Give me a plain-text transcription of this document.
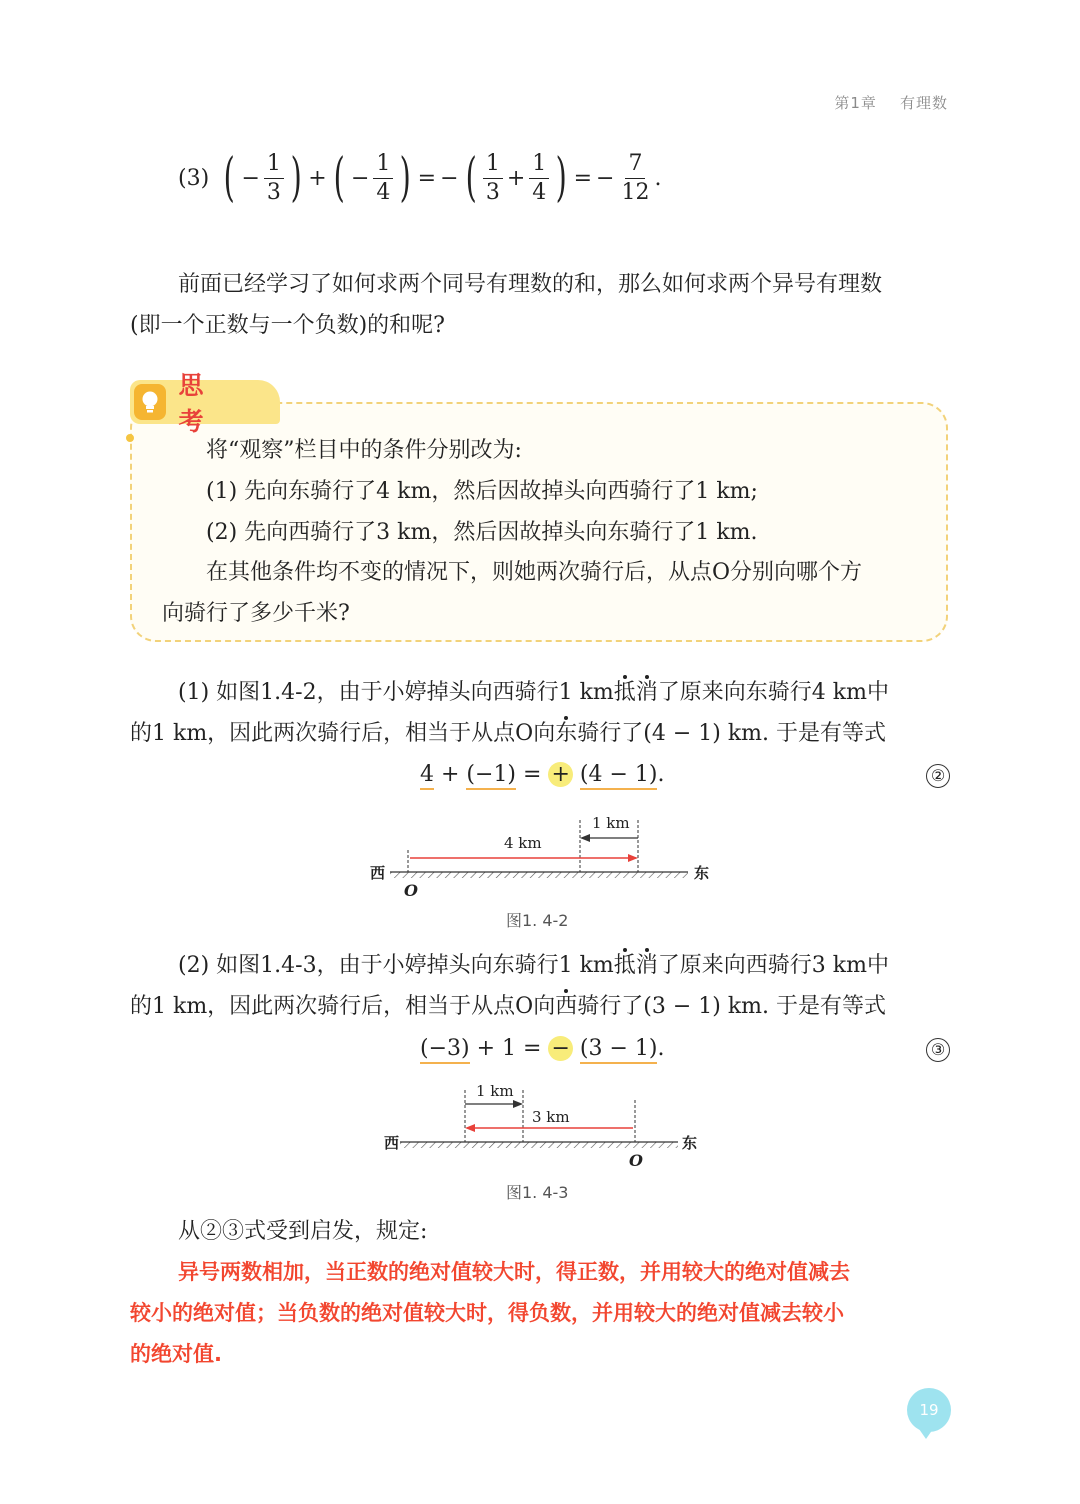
第1章 有理数
(3) ( − $\frac{1}{3}$ ) + ( − $\frac{1}{4}$ ) = − ( $\frac{1}{3} + \frac{1}{4}$ ) = − $\frac{7}{12}$ .
前面已经学习了如何求两个同号有理数的和，那么如何求两个异号有理数
(即一个正数与一个负数)的和呢?
思 考
将“观察”栏目中的条件分别改为:
(1) 先向东骑行了4 km，然后因故掉头向西骑行了1 km;
(2) 先向西骑行了3 km，然后因故掉头向东骑行了1 km.
在其他条件均不变的情况下，则她两次骑行后，从点O分别向哪个方
向骑行了多少千米?
(1) 如图1.4-2，由于小婷掉头向西骑行1 km抵消了原来向东骑行4 km中
的1 km，因此两次骑行后，相当于从点O向东骑行了(4 − 1) km. 于是有等式
4 + (−1) = + (4 − 1).	②
西	东
O
4 km
1 km
图1. 4-2
(2) 如图1.4-3，由于小婷掉头向东骑行1 km抵消了原来向西骑行3 km中
的1 km，因此两次骑行后，相当于从点O向西骑行了(3 − 1) km. 于是有等式
(−3) + 1 = − (3 − 1).	③
西	东
O
1 km
3 km
图1. 4-3
从②③式受到启发，规定:
异号两数相加，当正数的绝对值较大时，得正数，并用较大的绝对值减去
较小的绝对值；当负数的绝对值较大时，得负数，并用较大的绝对值减去较小
的绝对值.
19
